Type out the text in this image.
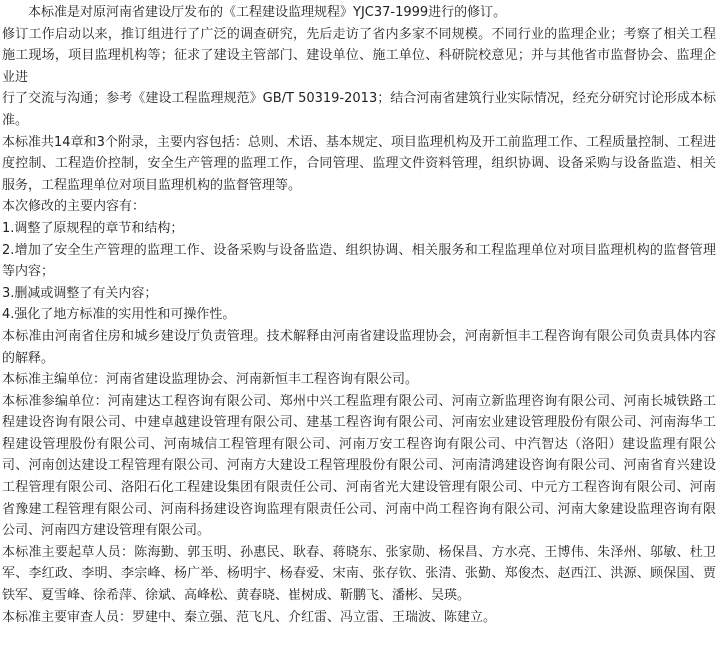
本标准是对原河南省建设厅发布的《工程建设监理规程》YJC37-1999进行的修订。

修订工作启动以来，推订组进行了广泛的调查研究，先后走访了省内多家不同规模。不同行业的监理企业；考察了相关工程施工现场，项目监理机构等；征求了建设主管部门、建设单位、施工单位、科研院校意见；并与其他省市监督协会、监理企业进

行了交流与沟通；参考《建设工程监理规范》GB/T 50319-2013；结合河南省建筑行业实际情况，经充分研究讨论形成本标准。

本标准共14章和3个附录，主要内容包括：总则、术语、基本规定、项目监理机构及开工前监理工作、工程质量控制、工程进度控制、工程造价控制，安全生产管理的监理工作，合同管理、监理文件资料管理，组织协调、设备采购与设备监造、相关服务，工程监理单位对项目监理机构的监督管理等。

本次修改的主要内容有：

1.调整了原规程的章节和结构；

2.增加了安全生产管理的监理工作、设备采购与设备监造、组织协调、相关服务和工程监理单位对项目监理机构的监督管理等内容；

3.删减或调整了有关内容；

4.强化了地方标准的实用性和可操作性。

本标准由河南省住房和城乡建设厅负责管理。技术解释由河南省建设监理协会，河南新恒丰工程咨询有限公司负责具体内容的解释。

本标准主编单位：河南省建设监理协会、河南新恒丰工程咨询有限公司。

本标准参编单位：河南建达工程咨询有限公司、郑州中兴工程监理有限公司、河南立新监理咨询有限公司、河南长城铁路工程建设咨询有限公司、中建卓越建设管理有限公司、建基工程咨询有限公司、河南宏业建设管理股份有限公司、河南海华工程建设管理股份有限公司、河南城信工程管理有限公司、河南万安工程咨询有限公司、中汽智达（洛阳）建设监理有限公司、河南创达建设工程管理有限公司、河南方大建设工程管理股份有限公司、河南清鸿建设咨询有限公司、河南省育兴建设工程管理有限公司、洛阳石化工程建设集团有限责任公司、河南省光大建设管理有限公司、中元方工程咨询有限公司、河南省豫建工程管理有限公司、河南科扬建设咨询监理有限责任公司、河南中尚工程咨询有限公司、河南大象建设监理咨询有限公司、河南四方建设管理有限公司。

本标准主要起草人员：陈海勤、郭玉明、孙惠民、耿春、蒋晓东、张家勋、杨保昌、方水亮、王博伟、朱泽州、邬敏、杜卫军、李红政、李明、李宗峰、杨广举、杨明宇、杨春爱、宋南、张存钦、张清、张勤、郑俊杰、赵西江、洪源、顾保国、贾铁军、夏雪峰、徐希萍、徐斌、高峰松、黄春晓、崔树成、靳鹏飞、潘彬、吴瑛。

本标准主要审查人员：罗建中、秦立强、范飞凡、介红雷、冯立雷、王瑞波、陈建立。
